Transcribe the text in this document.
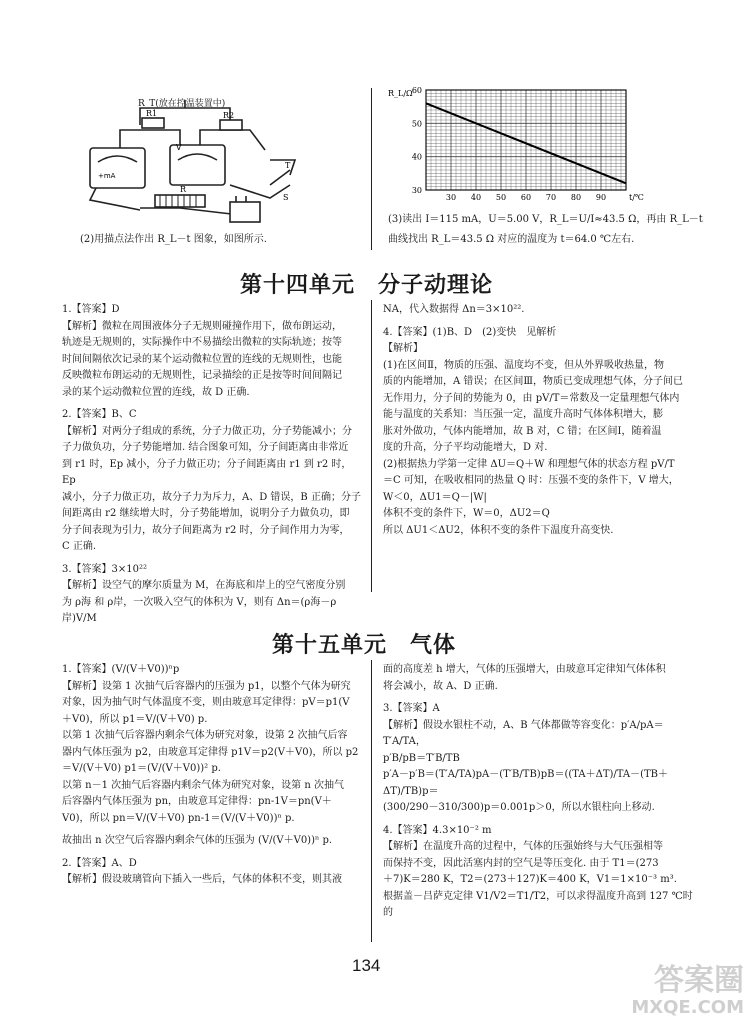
V
+mA
R1	R2
R
S
T
R_T(放在控温装置中)
(2)用描点法作出 R_L－t 图象，如图所示.
60
50
40
30
30 40 50 60 70 80 90
R_L/Ω
t/℃
(3)读出 I＝115 mA，U＝5.00 V，R_L＝U/I≈43.5 Ω，再由 R_L－t
曲线找出 R_L＝43.5 Ω 对应的温度为 t＝64.0 ℃左右.
第十四单元　分子动理论

1.【答案】D

【解析】微粒在周围液体分子无规则碰撞作用下，做布朗运动，

轨迹是无规则的，实际操作中不易描绘出微粒的实际轨迹；按等

时间间隔依次记录的某个运动微粒位置的连线的无规则性，也能

反映微粒布朗运动的无规则性，记录描绘的正是按等时间间隔记

录的某个运动微粒位置的连线，故 D 正确.

2.【答案】B、C

【解析】对两分子组成的系统，分子力做正功，分子势能减小；分

子力做负功，分子势能增加. 结合图象可知，分子间距离由非常近

到 r1 时，Ep 减小，分子力做正功；分子间距离由 r1 到 r2 时，Ep

减小，分子力做正功，故分子力为斥力，A、D 错误，B 正确；分子

间距离由 r2 继续增大时，分子势能增加，说明分子力做负功，即

分子间表现为引力，故分子间距离为 r2 时，分子间作用力为零，

C 正确.

3.【答案】3×10²²

【解析】设空气的摩尔质量为 M，在海底和岸上的空气密度分别

为 ρ海 和 ρ岸，一次吸入空气的体积为 V，则有 Δn＝(ρ海－ρ岸)V/M

NA，代入数据得 Δn＝3×10²².

4.【答案】(1)B、D　(2)变快　见解析

【解析】

(1)在区间Ⅱ，物质的压强、温度均不变，但从外界吸收热量，物

质的内能增加，A 错误；在区间Ⅲ，物质已变成理想气体，分子间已

无作用力，分子间的势能为 0，由 pV/T＝常数及一定量理想气体内

能与温度的关系知：当压强一定，温度升高时气体体积增大，膨

胀对外做功，气体内能增加，故 B 对，C 错；在区间Ⅰ，随着温

度的升高，分子平均动能增大，D 对.

(2)根据热力学第一定律 ΔU＝Q＋W 和理想气体的状态方程 pV/T

＝C 可知，在吸收相同的热量 Q 时：压强不变的条件下，V 增大，

W＜0，ΔU1＝Q－|W|

体积不变的条件下，W＝0，ΔU2＝Q

所以 ΔU1＜ΔU2，体积不变的条件下温度升高变快.

第十五单元　气体

1.【答案】(V/(V＋V0))ⁿp

【解析】设第 1 次抽气后容器内的压强为 p1，以整个气体为研究

对象，因为抽气时气体温度不变，则由玻意耳定律得：pV＝p1(V

＋V0)，所以 p1＝V/(V＋V0) p.

以第 1 次抽气后容器内剩余气体为研究对象，设第 2 次抽气后容

器内气体压强为 p2，由玻意耳定律得 p1V＝p2(V＋V0)，所以 p2

＝V/(V＋V0) p1＝(V/(V＋V0))² p.

以第 n－1 次抽气后容器内剩余气体为研究对象，设第 n 次抽气

后容器内气体压强为 pn，由玻意耳定律得：pn-1V＝pn(V＋

V0)，所以 pn＝V/(V＋V0) pn-1＝(V/(V＋V0))ⁿ p.

故抽出 n 次空气后容器内剩余气体的压强为 (V/(V＋V0))ⁿ p.

2.【答案】A、D

【解析】假设玻璃管向下插入一些后，气体的体积不变，则其液

面的高度差 h 增大，气体的压强增大，由玻意耳定律知气体体积

将会减小，故 A、D 正确.

3.【答案】A

【解析】假设水银柱不动，A、B 气体都做等容变化：p′A/pA＝T′A/TA，

p′B/pB＝T′B/TB

p′A－p′B＝(T′A/TA)pA－(T′B/TB)pB＝((TA＋ΔT)/TA－(TB＋ΔT)/TB)p＝

(300/290－310/300)p＝0.001p＞0，所以水银柱向上移动.

4.【答案】4.3×10⁻² m

【解析】在温度升高的过程中，气体的压强始终与大气压强相等

而保持不变，因此活塞内封的空气是等压变化. 由于 T1＝(273

＋7)K＝280 K，T2＝(273＋127)K＝400 K，V1＝1×10⁻³ m³.

根据盖－吕萨克定律 V1/V2＝T1/T2，可以求得温度升高到 127 ℃时的

134	答案圈
MXQE.COM
